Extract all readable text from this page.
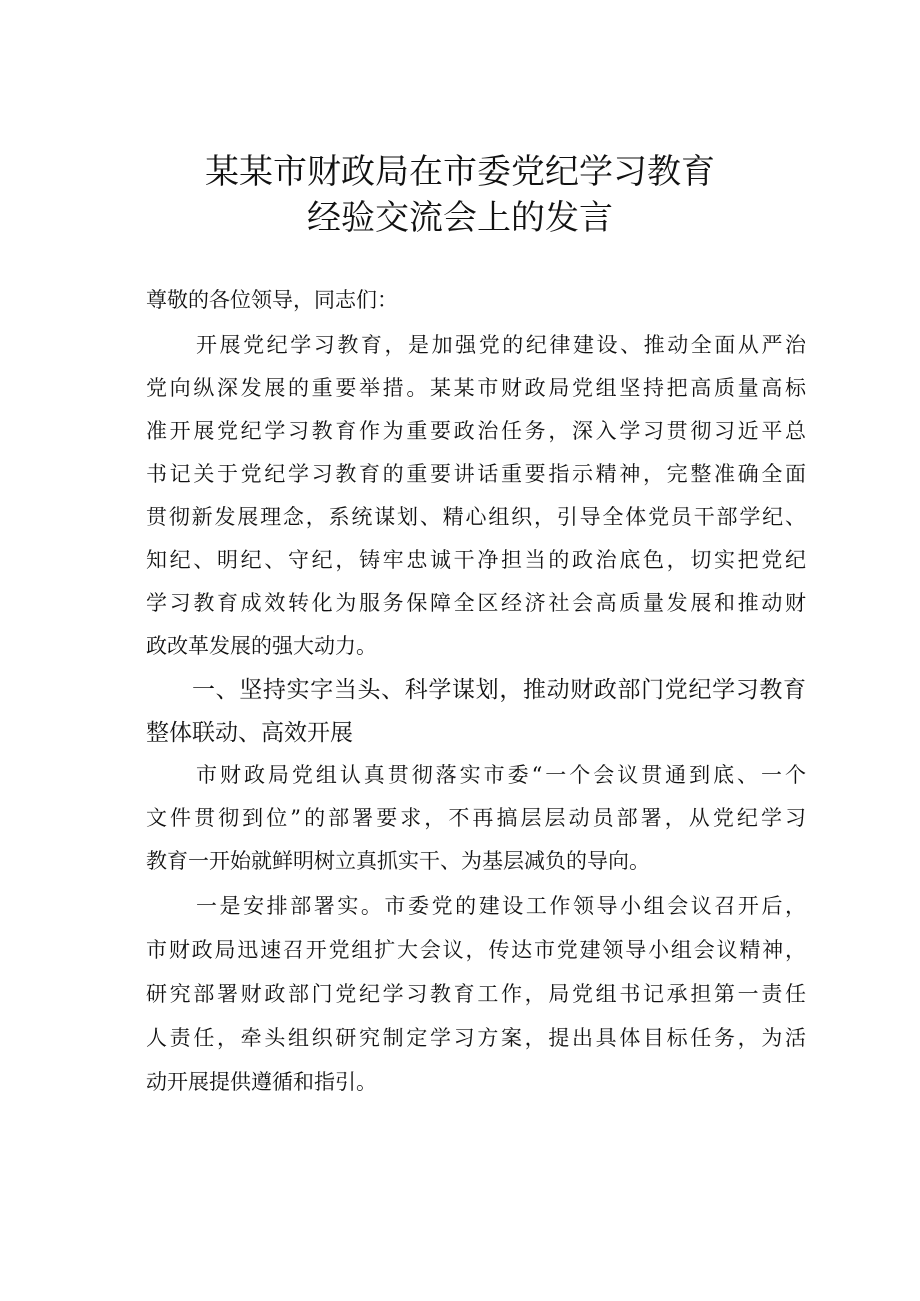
某某市财政局在市委党纪学习教育
经验交流会上的发言
尊敬的各位领导，同志们：
开展党纪学习教育，是加强党的纪律建设、推动全面从严治
党向纵深发展的重要举措。某某市财政局党组坚持把高质量高标
准开展党纪学习教育作为重要政治任务，深入学习贯彻习近平总
书记关于党纪学习教育的重要讲话重要指示精神，完整准确全面
贯彻新发展理念，系统谋划、精心组织，引导全体党员干部学纪、
知纪、明纪、守纪，铸牢忠诚干净担当的政治底色，切实把党纪
学习教育成效转化为服务保障全区经济社会高质量发展和推动财
政改革发展的强大动力。
一、坚持实字当头、科学谋划，推动财政部门党纪学习教育
整体联动、高效开展
市财政局党组认真贯彻落实市委“一个会议贯通到底、一个
文件贯彻到位”的部署要求，不再搞层层动员部署，从党纪学习
教育一开始就鲜明树立真抓实干、为基层减负的导向。
一是安排部署实。市委党的建设工作领导小组会议召开后，
市财政局迅速召开党组扩大会议，传达市党建领导小组会议精神，
研究部署财政部门党纪学习教育工作，局党组书记承担第一责任
人责任，牵头组织研究制定学习方案，提出具体目标任务，为活
动开展提供遵循和指引。
